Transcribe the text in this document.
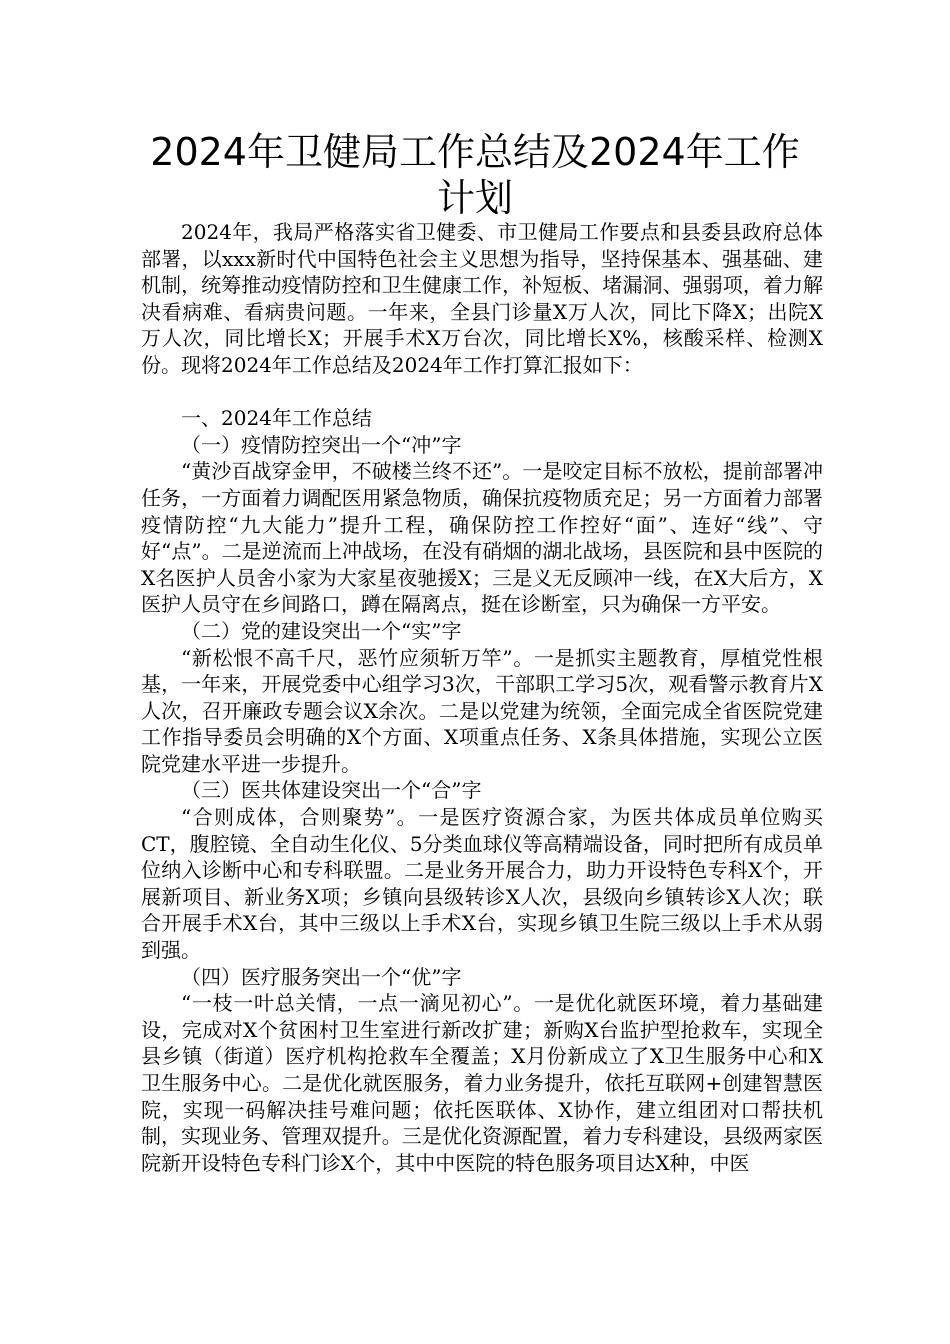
2024年卫健局工作总结及2024年工作
计划

2024年，我局严格落实省卫健委、市卫健局工作要点和县委县政府总体部署，以xxx新时代中国特色社会主义思想为指导，坚持保基本、强基础、建机制，统筹推动疫情防控和卫生健康工作，补短板、堵漏洞、强弱项，着力解决看病难、看病贵问题。一年来，全县门诊量X万人次，同比下降X；出院X万人次，同比增长X；开展手术X万台次，同比增长X%，核酸采样、检测X份。现将2024年工作总结及2024年工作打算汇报如下：

一、2024年工作总结

（一）疫情防控突出一个“冲”字

“黄沙百战穿金甲，不破楼兰终不还”。一是咬定目标不放松，提前部署冲任务，一方面着力调配医用紧急物质，确保抗疫物质充足；另一方面着力部署疫情防控“九大能力”提升工程，确保防控工作控好“面”、连好“线”、守好“点”。二是逆流而上冲战场，在没有硝烟的湖北战场，县医院和县中医院的X名医护人员舍小家为大家星夜驰援X；三是义无反顾冲一线，在X大后方，X医护人员守在乡间路口，蹲在隔离点，挺在诊断室，只为确保一方平安。

（二）党的建设突出一个“实”字

“新松恨不高千尺，恶竹应须斩万竿”。一是抓实主题教育，厚植党性根基，一年来，开展党委中心组学习3次，干部职工学习5次，观看警示教育片X人次，召开廉政专题会议X余次。二是以党建为统领，全面完成全省医院党建工作指导委员会明确的X个方面、X项重点任务、X条具体措施，实现公立医院党建水平进一步提升。

（三）医共体建设突出一个“合”字

“合则成体，合则聚势”。一是医疗资源合家，为医共体成员单位购买CT，腹腔镜、全自动生化仪、5分类血球仪等高精端设备，同时把所有成员单位纳入诊断中心和专科联盟。二是业务开展合力，助力开设特色专科X个，开展新项目、新业务X项；乡镇向县级转诊X人次，县级向乡镇转诊X人次；联合开展手术X台，其中三级以上手术X台，实现乡镇卫生院三级以上手术从弱到强。

（四）医疗服务突出一个“优”字

“一枝一叶总关情，一点一滴见初心”。一是优化就医环境，着力基础建设，完成对X个贫困村卫生室进行新改扩建；新购X台监护型抢救车，实现全县乡镇（街道）医疗机构抢救车全覆盖；X月份新成立了X卫生服务中心和X卫生服务中心。二是优化就医服务，着力业务提升，依托互联网+创建智慧医院，实现一码解决挂号难问题；依托医联体、X协作，建立组团对口帮扶机制，实现业务、管理双提升。三是优化资源配置，着力专科建设，县级两家医院新开设特色专科门诊X个，其中中医院的特色服务项目达X种，中医
